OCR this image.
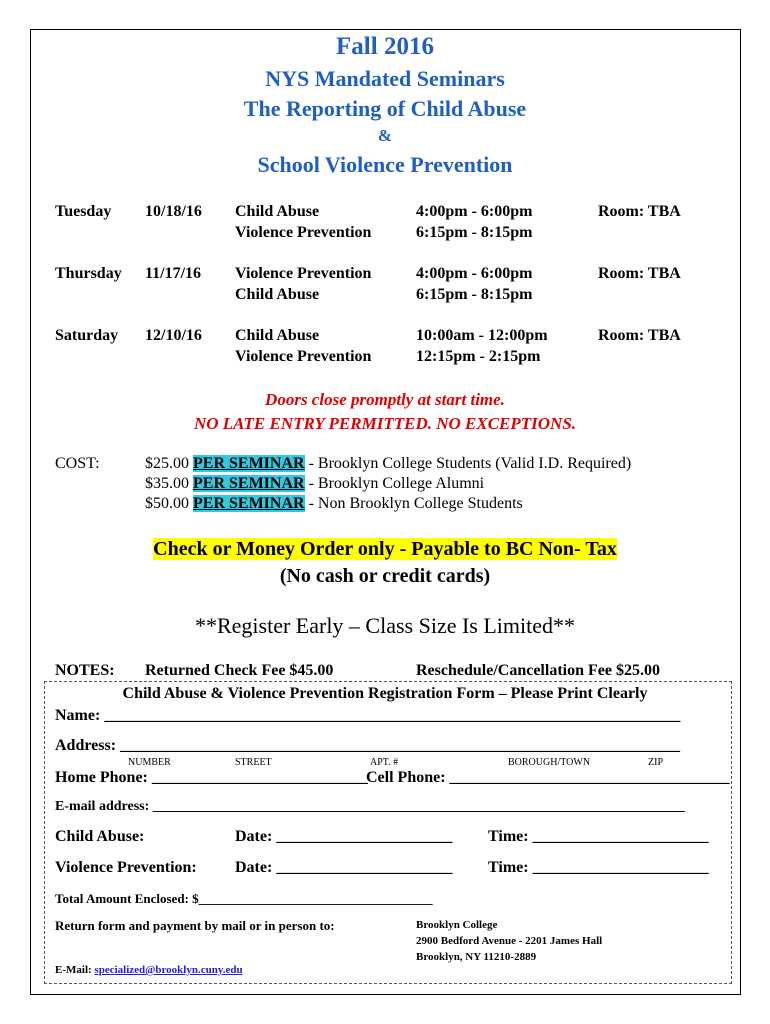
Fall 2016
NYS Mandated Seminars
The Reporting of Child Abuse
&
School Violence Prevention
Tuesday 10/18/16 Child Abuse	4:00pm - 6:00pm	Room: TBA
Violence Prevention	6:15pm - 8:15pm
Thursday 11/17/16 Violence Prevention	4:00pm - 6:00pm	Room: TBA
Child Abuse	6:15pm - 8:15pm
Saturday 12/10/16 Child Abuse	10:00am - 12:00pm	Room: TBA
Violence Prevention	12:15pm - 2:15pm
Doors close promptly at start time.
NO LATE ENTRY PERMITTED. NO EXCEPTIONS.
COST:	$25.00 PER SEMINAR - Brooklyn College Students (Valid I.D. Required)
$35.00 PER SEMINAR - Brooklyn College Alumni
$50.00 PER SEMINAR - Non Brooklyn College Students
Check or Money Order only - Payable to BC Non- Tax
(No cash or credit cards)
**Register Early – Class Size Is Limited**
NOTES: Returned Check Fee $45.00	Reschedule/Cancellation Fee $25.00
Child Abuse & Violence Prevention Registration Form – Please Print Clearly
Name: ________________________________________________________________________
Address: ______________________________________________________________________
NUMBER	STREET	APT. #	BOROUGH/TOWN	ZIP
Home Phone: ___________________________
Cell Phone: ___________________________________
E-mail address: ____________________________________________________________________________
Child Abuse:	Date: ______________________ Time: ______________________
Violence Prevention: Date: ______________________ Time: ______________________
Total Amount Enclosed: $____________________________________
Return form and payment by mail or in person to:	Brooklyn College
2900 Bedford Avenue - 2201 James Hall
Brooklyn, NY 11210-2889
E-Mail: specialized@brooklyn.cuny.edu
